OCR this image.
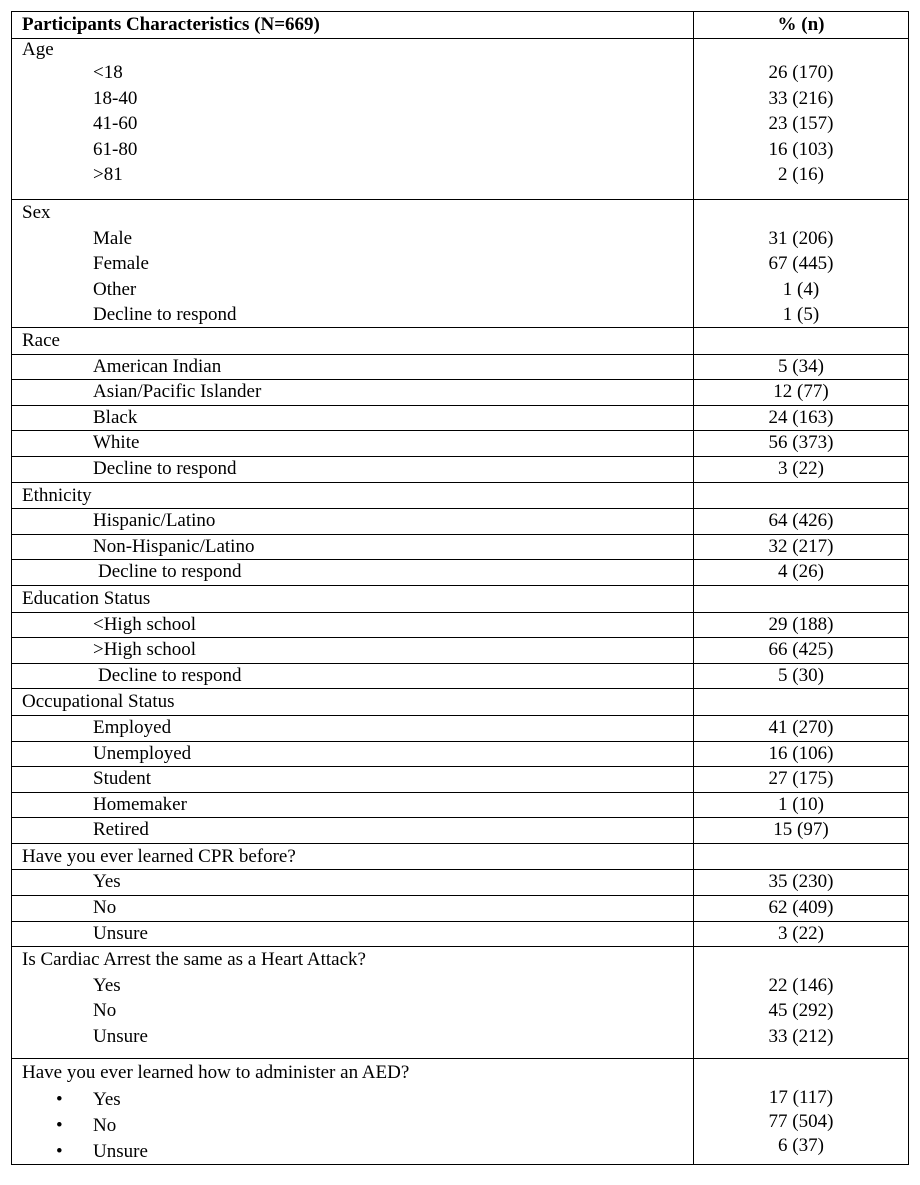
Participants Characteristics (N=669)	% (n)
Age
<18	26 (170)
18-40	33 (216)
41-60	23 (157)
61-80	16 (103)
>81	2 (16)
Sex
Male	31 (206)
Female	67 (445)
Other	1 (4)
Decline to respond	1 (5)
Race
American Indian	5 (34)
Asian/Pacific Islander	12 (77)
Black	24 (163)
White	56 (373)
Decline to respond	3 (22)
Ethnicity
Hispanic/Latino	64 (426)
Non-Hispanic/Latino	32 (217)
Decline to respond	4 (26)
Education Status
<High school	29 (188)
>High school	66 (425)
Decline to respond	5 (30)
Occupational Status
Employed	41 (270)
Unemployed	16 (106)
Student	27 (175)
Homemaker	1 (10)
Retired	15 (97)
Have you ever learned CPR before?
Yes	35 (230)
No	62 (409)
Unsure	3 (22)
Is Cardiac Arrest the same as a Heart Attack?
Yes	22 (146)
No	45 (292)
Unsure	33 (212)
Have you ever learned how to administer an AED?
• Yes	17 (117)
• No	77 (504)
• Unsure	6 (37)
